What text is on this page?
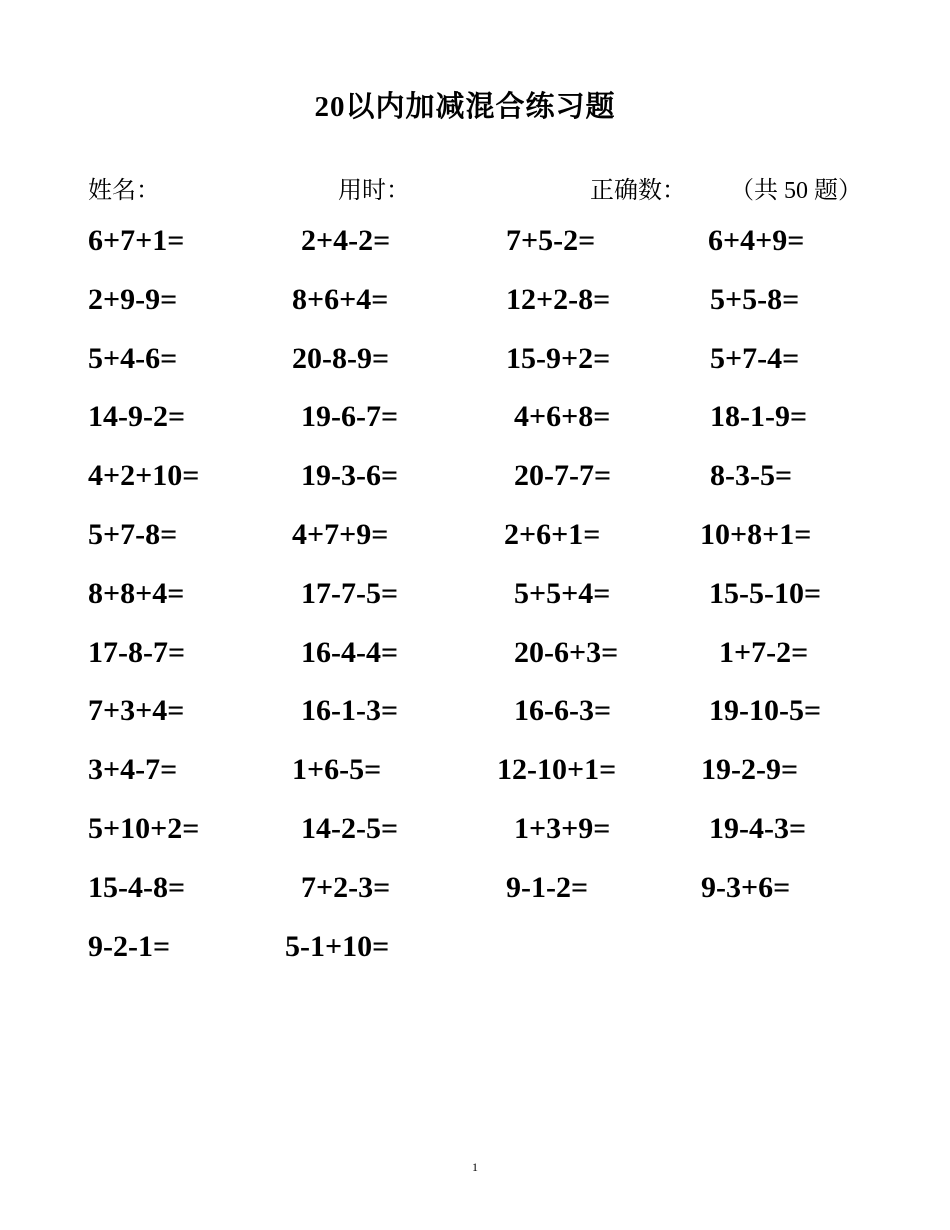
20以内加减混合练习题
姓名：	用时：	正确数： （共 50 题）
6+7+1=	2+4-2=	7+5-2=	6+4+9=
2+9-9=	8+6+4=	12+2-8=	5+5-8=
5+4-6=	20-8-9=	15-9+2=	5+7-4=
14-9-2=	19-6-7=	4+6+8=	18-1-9=
4+2+10=	19-3-6=	20-7-7=	8-3-5=
5+7-8=	4+7+9=	2+6+1=	10+8+1=
8+8+4=	17-7-5=	5+5+4=	15-5-10=
17-8-7=	16-4-4=	20-6+3=	1+7-2=
7+3+4=	16-1-3=	16-6-3=	19-10-5=
3+4-7=	1+6-5=	12-10+1=	19-2-9=
5+10+2=	14-2-5=	1+3+9=	19-4-3=
15-4-8=	7+2-3=	9-1-2=	9-3+6=
9-2-1=	5-1+10=
1
